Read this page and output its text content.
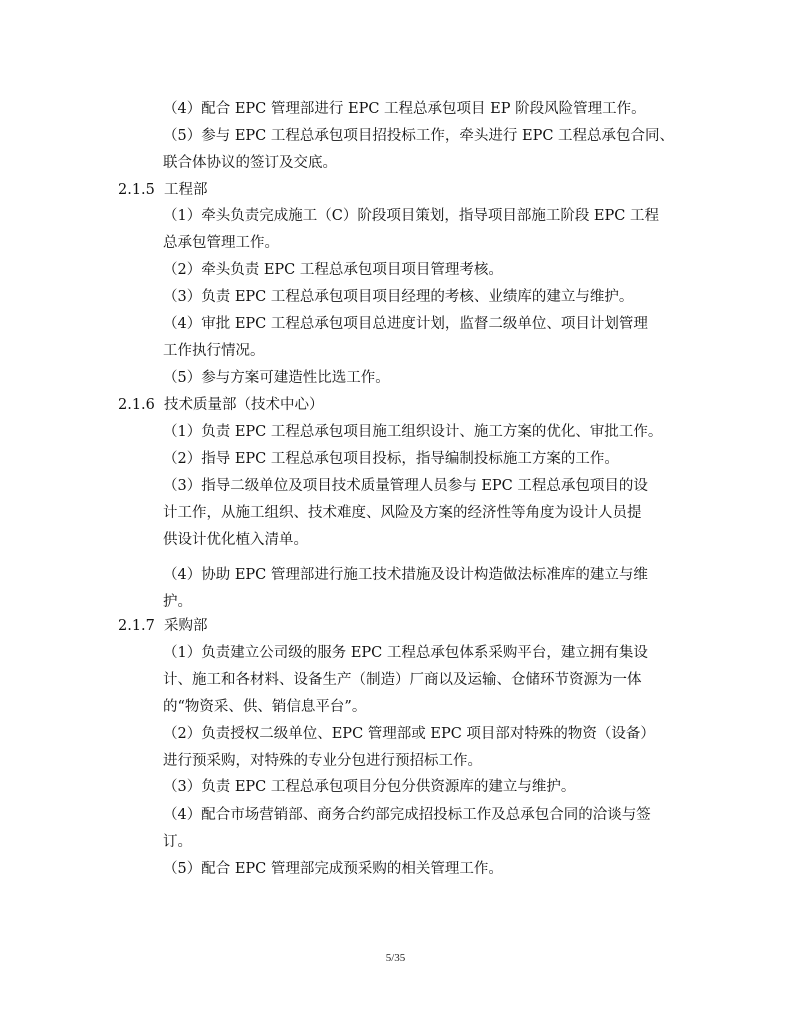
（4）配合 EPC 管理部进行 EPC 工程总承包项目 EP 阶段风险管理工作。
（5）参与 EPC 工程总承包项目招投标工作，牵头进行 EPC 工程总承包合同、
联合体协议的签订及交底。
2.1.5 工程部
（1）牵头负责完成施工（C）阶段项目策划，指导项目部施工阶段 EPC 工程
总承包管理工作。
（2）牵头负责 EPC 工程总承包项目项目管理考核。
（3）负责 EPC 工程总承包项目项目经理的考核、业绩库的建立与维护。
（4）审批 EPC 工程总承包项目总进度计划，监督二级单位、项目计划管理
工作执行情况。
（5）参与方案可建造性比选工作。
2.1.6 技术质量部（技术中心）
（1）负责 EPC 工程总承包项目施工组织设计、施工方案的优化、审批工作。
（2）指导 EPC 工程总承包项目投标，指导编制投标施工方案的工作。
（3）指导二级单位及项目技术质量管理人员参与 EPC 工程总承包项目的设
计工作，从施工组织、技术难度、风险及方案的经济性等角度为设计人员提
供设计优化植入清单。
（4）协助 EPC 管理部进行施工技术措施及设计构造做法标准库的建立与维
护。
2.1.7 采购部
（1）负责建立公司级的服务 EPC 工程总承包体系采购平台，建立拥有集设
计、施工和各材料、设备生产（制造）厂商以及运输、仓储环节资源为一体
的“物资采、供、销信息平台”。
（2）负责授权二级单位、EPC 管理部或 EPC 项目部对特殊的物资（设备）
进行预采购，对特殊的专业分包进行预招标工作。
（3）负责 EPC 工程总承包项目分包分供资源库的建立与维护。
（4）配合市场营销部、商务合约部完成招投标工作及总承包合同的洽谈与签
订。
（5）配合 EPC 管理部完成预采购的相关管理工作。
5/35
